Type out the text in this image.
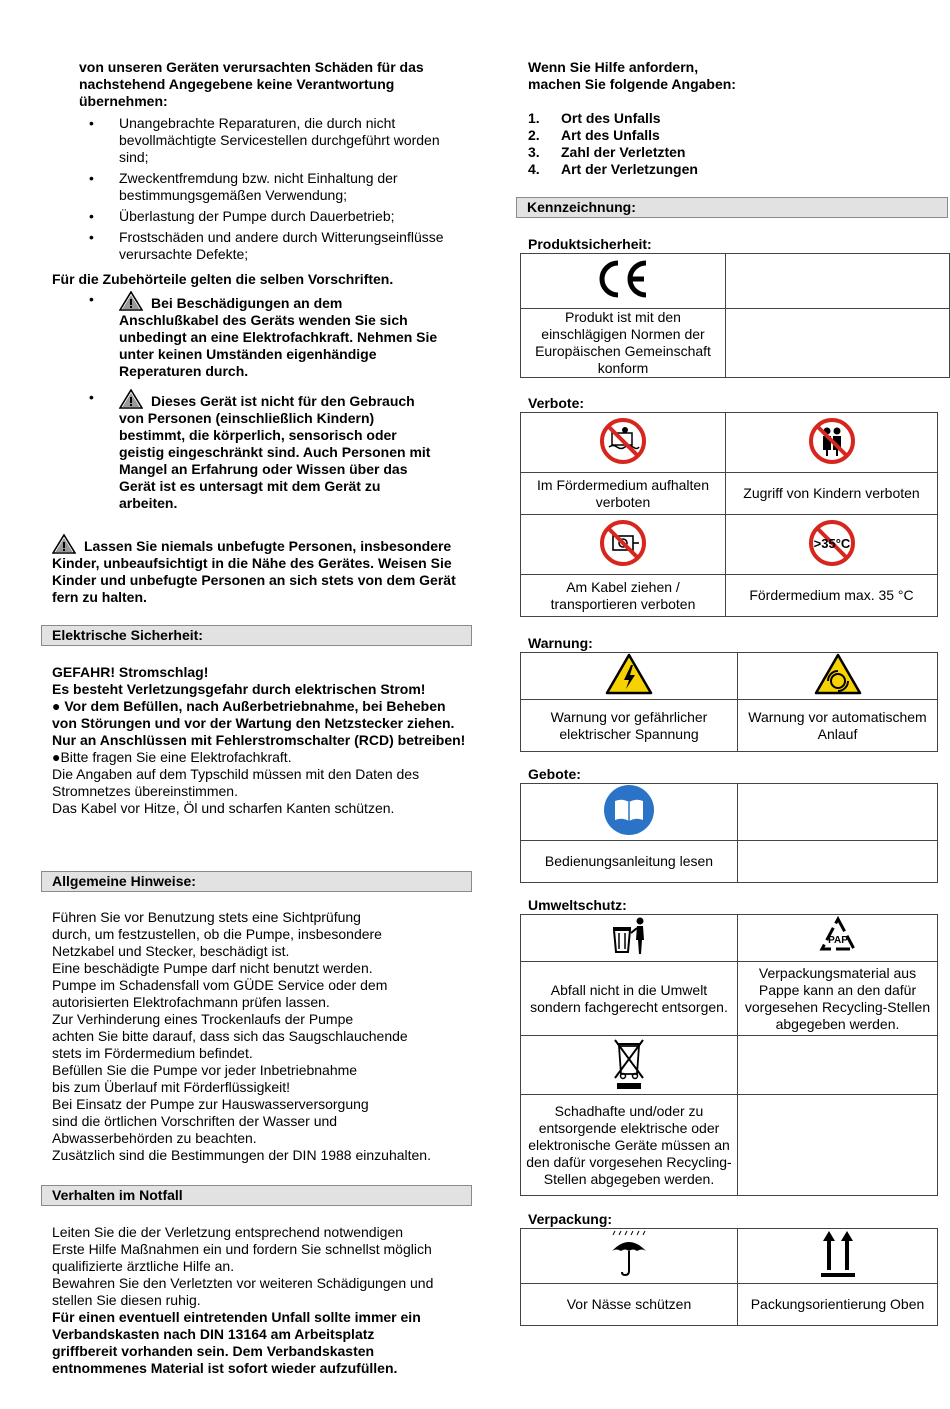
von unseren Geräten verursachten Schäden für das nachstehend Angegebene keine Verantwortung übernehmen:

• Unangebrachte Reparaturen, die durch nicht bevollmächtigte Servicestellen durchgeführt worden sind;
• Zweckentfremdung bzw. nicht Einhaltung der bestimmungsgemäßen Verwendung;
• Überlastung der Pumpe durch Dauerbetrieb;
• Frostschäden und andere durch Witterungseinflüsse verursachte Defekte;

Für die Zubehörteile gelten die selben Vorschriften.

•	Bei Beschädigungen an dem Anschlußkabel des Geräts wenden Sie sich unbedingt an eine Elektrofachkraft. Nehmen Sie unter keinen Umständen eigenhändige Reperaturen durch.
•	Dieses Gerät ist nicht für den Gebrauch von Personen (einschließlich Kindern) bestimmt, die körperlich, sensorisch oder geistig eingeschränkt sind. Auch Personen mit Mangel an Erfahrung oder Wissen über das Gerät ist es untersagt mit dem Gerät zu arbeiten.
Lassen Sie niemals unbefugte Personen, insbesondere Kinder, unbeaufsichtigt in die Nähe des Gerätes. Weisen Sie Kinder und unbefugte Personen an sich stets von dem Gerät fern zu halten.
Elektrische Sicherheit:

GEFAHR! Stromschlag!

Es besteht Verletzungsgefahr durch elektrischen Strom!

● Vor dem Befüllen, nach Außerbetriebnahme, bei Beheben von Störungen und vor der Wartung den Netzstecker ziehen.

Nur an Anschlüssen mit Fehlerstromschalter (RCD) betreiben!

●Bitte fragen Sie eine Elektrofachkraft.

Die Angaben auf dem Typschild müssen mit den Daten des Stromnetzes übereinstimmen.

Das Kabel vor Hitze, Öl und scharfen Kanten schützen.

Allgemeine Hinweise:

Führen Sie vor Benutzung stets eine Sichtprüfung

durch, um festzustellen, ob die Pumpe, insbesondere

Netzkabel und Stecker, beschädigt ist.

Eine beschädigte Pumpe darf nicht benutzt werden.

Pumpe im Schadensfall vom GÜDE Service oder dem

autorisierten Elektrofachmann prüfen lassen.

Zur Verhinderung eines Trockenlaufs der Pumpe

achten Sie bitte darauf, dass sich das Saugschlauchende

stets im Fördermedium befindet.

Befüllen Sie die Pumpe vor jeder Inbetriebnahme

bis zum Überlauf mit Förderflüssigkeit!

Bei Einsatz der Pumpe zur Hauswasserversorgung

sind die örtlichen Vorschriften der Wasser und

Abwasserbehörden zu beachten.

Zusätzlich sind die Bestimmungen der DIN 1988 einzuhalten.

Verhalten im Notfall

Leiten Sie die der Verletzung entsprechend notwendigen

Erste Hilfe Maßnahmen ein und fordern Sie schnellst möglich

qualifizierte ärztliche Hilfe an.

Bewahren Sie den Verletzten vor weiteren Schädigungen und

stellen Sie diesen ruhig.

Für einen eventuell eintretenden Unfall sollte immer ein

Verbandskasten nach DIN 13164 am Arbeitsplatz

griffbereit vorhanden sein. Dem Verbandskasten

entnommenes Material ist sofort wieder aufzufüllen.

Wenn Sie Hilfe anfordern,

machen Sie folgende Angaben:

1. Ort des Unfalls

2. Art des Unfalls

3. Zahl der Verletzten

4. Art der Verletzungen

Kennzeichnung:
Produktsicherheit:

Produkt ist mit den einschlägigen Normen der Europäischen Gemeinschaft konform	
Verbote:

Im Fördermedium aufhalten verboten	Zugriff von Kindern verboten

>35°C

Am Kabel ziehen / transportieren verboten	Fördermedium max. 35 °C
Warnung:

Warnung vor gefährlicher elektrischer Spannung	Warnung vor automatischem Anlauf
Gebote:

Bedienungsanleitung lesen	
Umweltschutz:

PAP

Abfall nicht in die Umwelt sondern fachgerecht entsorgen.	Verpackungsmaterial aus Pappe kann an den dafür vorgesehen Recycling-Stellen abgegeben werden.

Schadhafte und/oder zu entsorgende elektrische oder elektronische Geräte müssen an den dafür vorgesehen Recycling-Stellen abgegeben werden.	
Verpackung:

Vor Nässe schützen	Packungsorientierung Oben
